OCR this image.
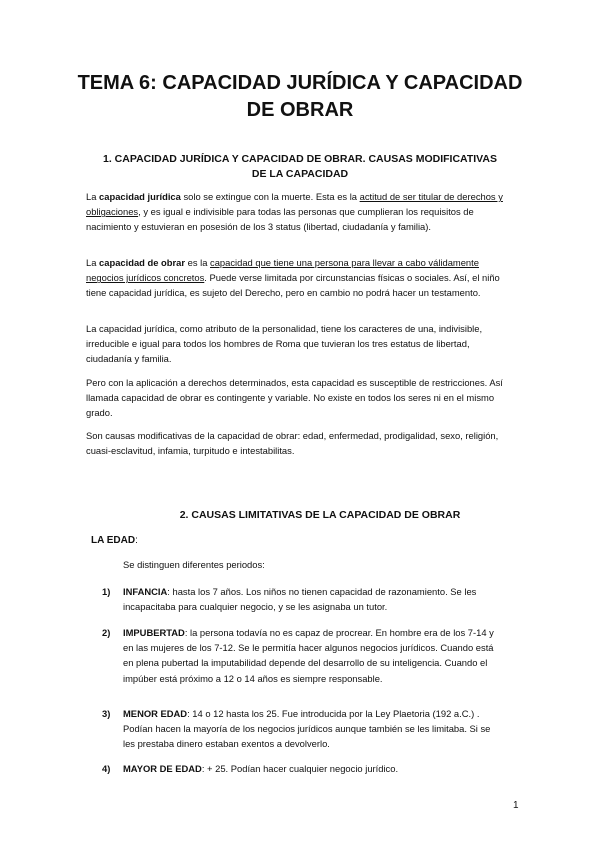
TEMA 6: CAPACIDAD JURÍDICA Y CAPACIDAD
DE OBRAR
1. CAPACIDAD JURÍDICA Y CAPACIDAD DE OBRAR. CAUSAS MODIFICATIVAS
DE LA CAPACIDAD
La capacidad jurídica solo se extingue con la muerte. Esta es la actitud de ser titular de derechos y obligaciones, y es igual e indivisible para todas las personas que cumplieran los requisitos de nacimiento y estuvieran en posesión de los 3 status (libertad, ciudadanía y familia).
La capacidad de obrar es la capacidad que tiene una persona para llevar a cabo válidamente negocios jurídicos concretos. Puede verse limitada por circunstancias físicas o sociales. Así, el niño tiene capacidad jurídica, es sujeto del Derecho, pero en cambio no podrá hacer un testamento.
La capacidad jurídica, como atributo de la personalidad, tiene los caracteres de una, indivisible, irreducible e igual para todos los hombres de Roma que tuvieran los tres estatus de libertad, ciudadanía y familia.
Pero con la aplicación a derechos determinados, esta capacidad es susceptible de restricciones. Así llamada capacidad de obrar es contingente y variable. No existe en todos los seres ni en el mismo grado.
Son causas modificativas de la capacidad de obrar: edad, enfermedad, prodigalidad, sexo, religión, cuasi-esclavitud, infamia, turpitudo e intestabilitas.
2. CAUSAS LIMITATIVAS DE LA CAPACIDAD DE OBRAR
LA EDAD:
Se distinguen diferentes periodos:
1) INFANCIA: hasta los 7 años. Los niños no tienen capacidad de razonamiento. Se les incapacitaba para cualquier negocio, y se les asignaba un tutor.
2) IMPUBERTAD: la persona todavía no es capaz de procrear. En hombre era de los 7-14 y en las mujeres de los 7-12. Se le permitía hacer algunos negocios jurídicos. Cuando está en plena pubertad la imputabilidad depende del desarrollo de su inteligencia. Cuando el impúber está próximo a 12 o 14 años es siempre responsable.
3) MENOR EDAD: 14 o 12 hasta los 25. Fue introducida por la Ley Plaetoria (192 a.C.) . Podían hacen la mayoría de los negocios jurídicos aunque también se les limitaba. Si se les prestaba dinero estaban exentos a devolverlo.
4) MAYOR DE EDAD: + 25. Podían hacer cualquier negocio jurídico.
1
